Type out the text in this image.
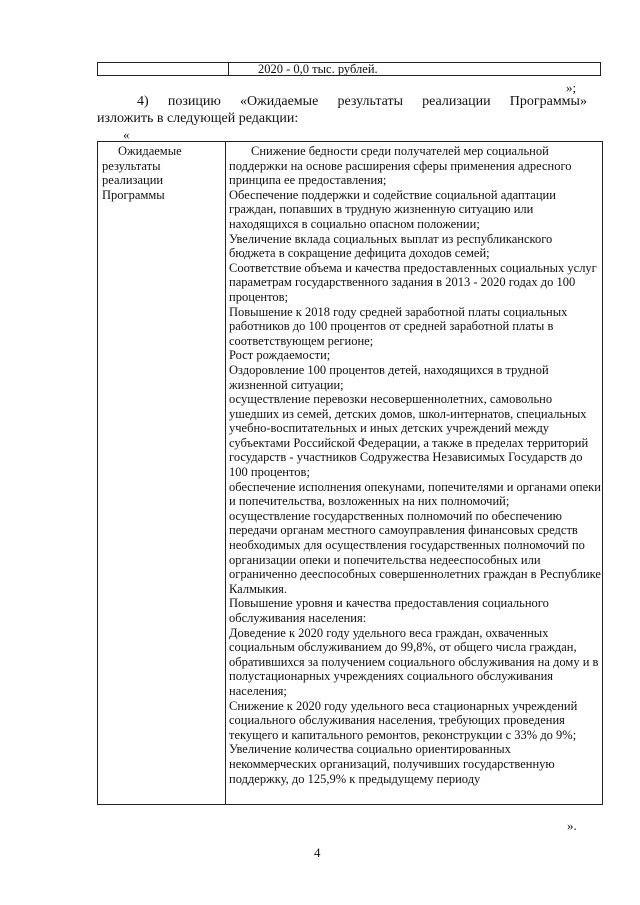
2020 - 0,0 тыс. рублей.
»;
4) позицию «Ожидаемые результаты реализации Программы»
изложить в следующей редакции:
«
Ожидаемые
результаты
реализации
Программы

Снижение бедности среди получателей мер социальной поддержки на основе расширения сферы применения адресного принципа ее предоставления;

Обеспечение поддержки и содействие социальной адаптации граждан, попавших в трудную жизненную ситуацию или находящихся в социально опасном положении;

Увеличение вклада социальных выплат из республиканского бюджета в сокращение дефицита доходов семей;

Соответствие объема и качества предоставленных социальных услуг параметрам государственного задания в 2013 - 2020 годах до 100 процентов;

Повышение к 2018 году средней заработной платы социальных работников до 100 процентов от средней заработной платы в соответствующем регионе;

Рост рождаемости;

Оздоровление 100 процентов детей, находящихся в трудной жизненной ситуации;

осуществление перевозки несовершеннолетних, самовольно ушедших из семей, детских домов, школ-интернатов, специальных учебно-воспитательных и иных детских учреждений между субъектами Российской Федерации, а также в пределах территорий государств - участников Содружества Независимых Государств до 100 процентов;

обеспечение исполнения опекунами, попечителями и органами опеки и попечительства, возложенных на них полномочий;

осуществление государственных полномочий по обеспечению передачи органам местного самоуправления финансовых средств необходимых для осуществления государственных полномочий по организации опеки и попечительства недееспособных или ограниченно дееспособных совершеннолетних граждан в Республике Калмыкия.

Повышение уровня и качества предоставления социального обслуживания населения:

Доведение к 2020 году удельного веса граждан, охваченных социальным обслуживанием до 99,8%, от общего числа граждан, обратившихся за получением социального обслуживания на дому и в полустационарных учреждениях социального обслуживания населения;

Снижение к 2020 году удельного веса стационарных учреждений социального обслуживания населения, требующих проведения текущего и капитального ремонтов, реконструкции с 33% до 9%;

Увеличение количества социально ориентированных некоммерческих организаций, получивших государственную поддержку, до 125,9% к предыдущему периоду

».
4
